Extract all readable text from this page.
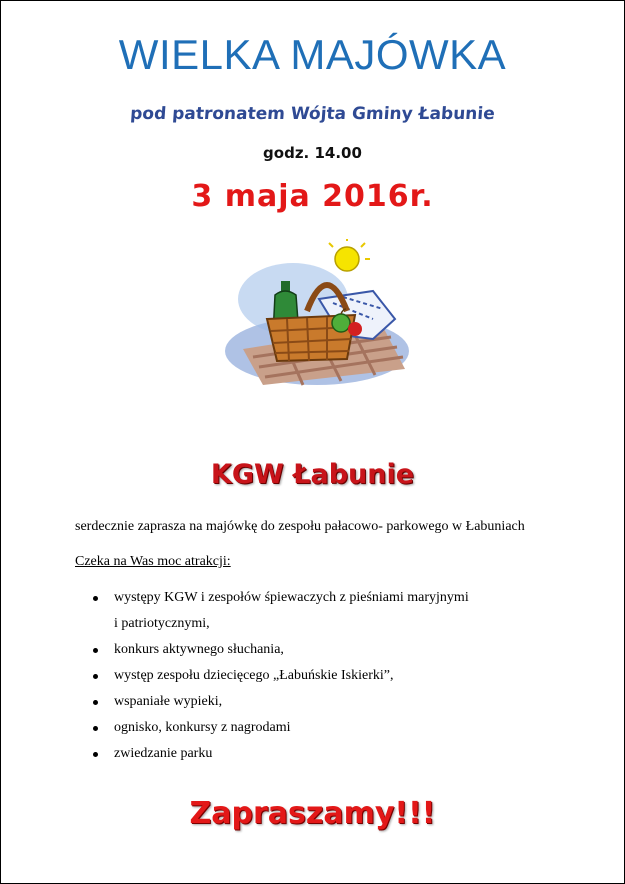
WIELKA MAJÓWKA
pod patronatem Wójta Gminy Łabunie
godz. 14.00
3 maja 2016r.
KGW Łabunie
serdecznie zaprasza na majówkę do zespołu pałacowo- parkowego w Łabuniach
Czeka na Was moc atrakcji:
występy KGW i zespołów śpiewaczych z pieśniami maryjnymi
i patriotycznymi,
konkurs aktywnego słuchania,
występ zespołu dziecięcego „Łabuńskie Iskierki”,
wspaniałe wypieki,
ognisko, konkursy z nagrodami
zwiedzanie parku
Zapraszamy!!!
